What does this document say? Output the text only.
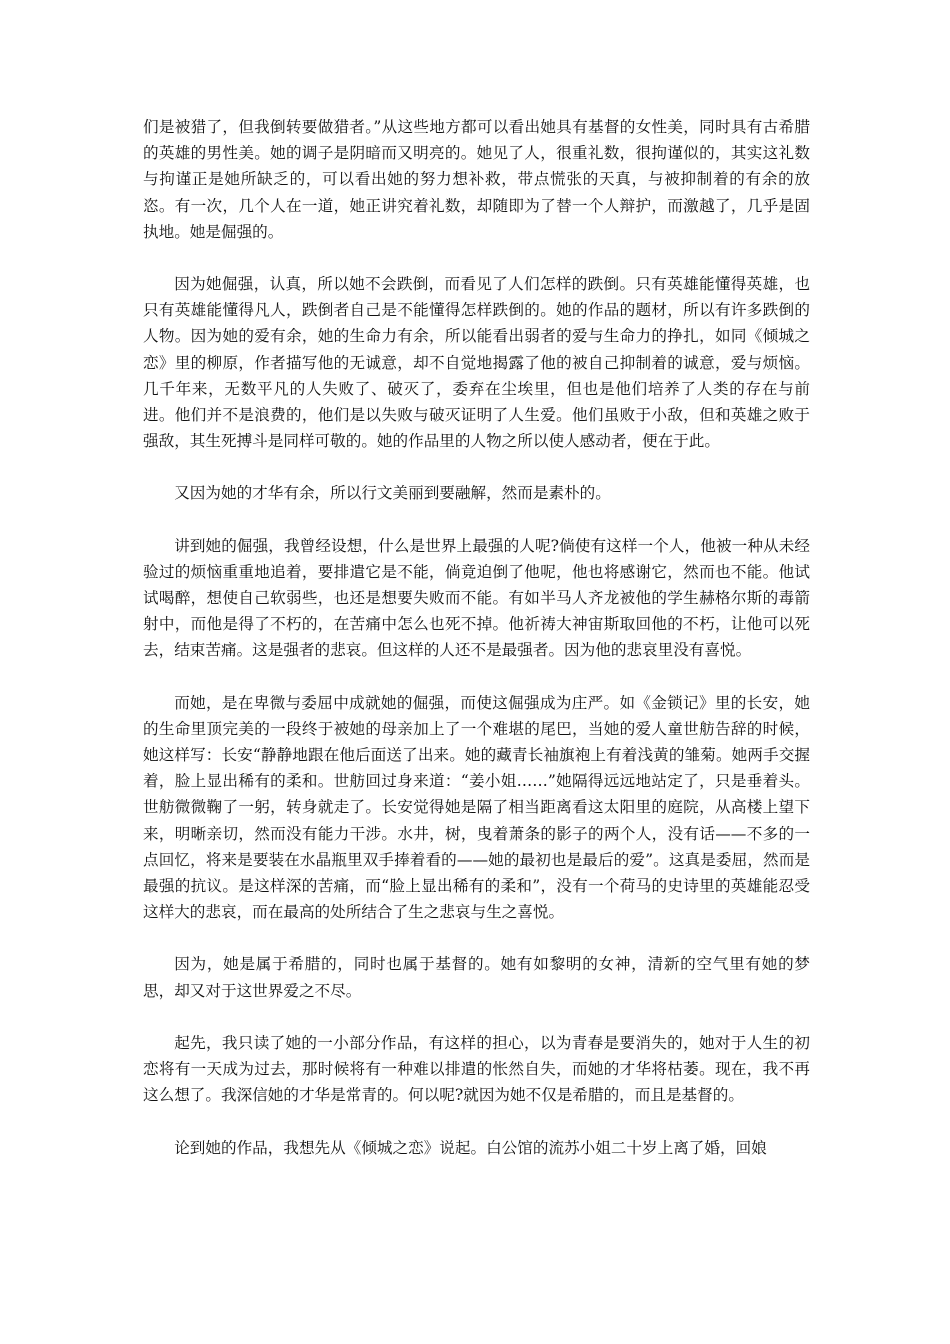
们是被猎了，但我倒转要做猎者。”从这些地方都可以看出她具有基督的女性美，同时具有古希腊的英雄的男性美。她的调子是阴暗而又明亮的。她见了人，很重礼数，很拘谨似的，其实这礼数与拘谨正是她所缺乏的，可以看出她的努力想补救，带点慌张的天真，与被抑制着的有余的放恣。有一次，几个人在一道，她正讲究着礼数，却随即为了替一个人辩护，而激越了，几乎是固执地。她是倔强的。

因为她倔强，认真，所以她不会跌倒，而看见了人们怎样的跌倒。只有英雄能懂得英雄，也只有英雄能懂得凡人，跌倒者自己是不能懂得怎样跌倒的。她的作品的题材，所以有许多跌倒的人物。因为她的爱有余，她的生命力有余，所以能看出弱者的爱与生命力的挣扎，如同《倾城之恋》里的柳原，作者描写他的无诚意，却不自觉地揭露了他的被自己抑制着的诚意，爱与烦恼。几千年来，无数平凡的人失败了、破灭了，委弃在尘埃里，但也是他们培养了人类的存在与前进。他们并不是浪费的，他们是以失败与破灭证明了人生爱。他们虽败于小敌，但和英雄之败于强敌，其生死搏斗是同样可敬的。她的作品里的人物之所以使人感动者，便在于此。

又因为她的才华有余，所以行文美丽到要融解，然而是素朴的。

讲到她的倔强，我曾经设想，什么是世界上最强的人呢?倘使有这样一个人，他被一种从未经验过的烦恼重重地追着，要排遣它是不能，倘竟迫倒了他呢，他也将感谢它，然而也不能。他试试喝醉，想使自己软弱些，也还是想要失败而不能。有如半马人齐龙被他的学生赫格尔斯的毒箭射中，而他是得了不朽的，在苦痛中怎么也死不掉。他祈祷大神宙斯取回他的不朽，让他可以死去，结束苦痛。这是强者的悲哀。但这样的人还不是最强者。因为他的悲哀里没有喜悦。

而她，是在卑微与委屈中成就她的倔强，而使这倔强成为庄严。如《金锁记》里的长安，她的生命里顶完美的一段终于被她的母亲加上了一个难堪的尾巴，当她的爱人童世舫告辞的时候，她这样写：长安“静静地跟在他后面送了出来。她的藏青长袖旗袍上有着浅黄的雏菊。她两手交握着，脸上显出稀有的柔和。世舫回过身来道：“姜小姐……”她隔得远远地站定了，只是垂着头。世舫微微鞠了一躬，转身就走了。长安觉得她是隔了相当距离看这太阳里的庭院，从高楼上望下来，明晰亲切，然而没有能力干涉。水井，树，曳着萧条的影子的两个人，没有话——不多的一点回忆，将来是要装在水晶瓶里双手捧着看的——她的最初也是最后的爱”。这真是委屈，然而是最强的抗议。是这样深的苦痛，而“脸上显出稀有的柔和”，没有一个荷马的史诗里的英雄能忍受这样大的悲哀，而在最高的处所结合了生之悲哀与生之喜悦。

因为，她是属于希腊的，同时也属于基督的。她有如黎明的女神，清新的空气里有她的梦思，却又对于这世界爱之不尽。

起先，我只读了她的一小部分作品，有这样的担心，以为青春是要消失的，她对于人生的初恋将有一天成为过去，那时候将有一种难以排遣的怅然自失，而她的才华将枯萎。现在，我不再这么想了。我深信她的才华是常青的。何以呢?就因为她不仅是希腊的，而且是基督的。

论到她的作品，我想先从《倾城之恋》说起。白公馆的流苏小姐二十岁上离了婚，回娘
